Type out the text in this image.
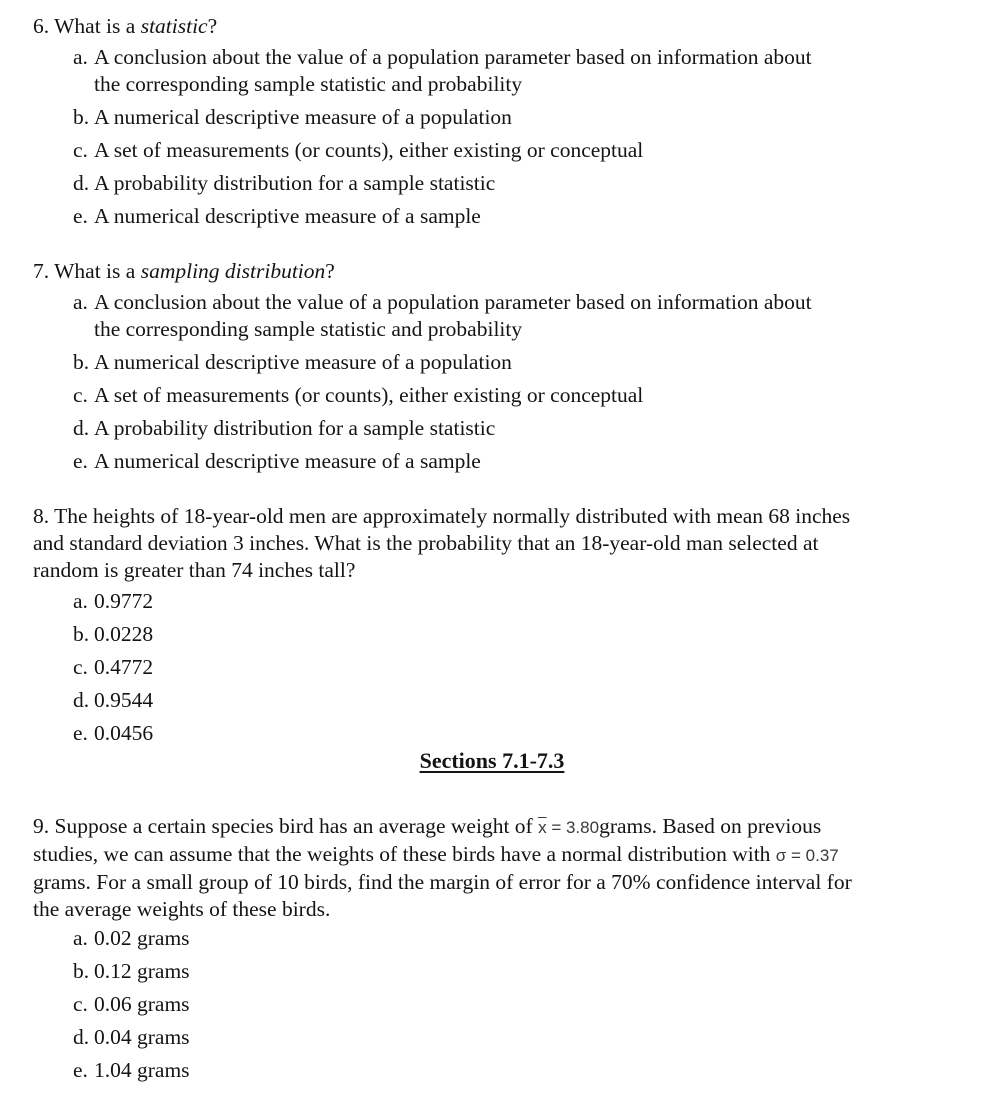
6. What is a statistic?

a. A conclusion about the value of a population parameter based on information about
the corresponding sample statistic and probability
b. A numerical descriptive measure of a population
c. A set of measurements (or counts), either existing or conceptual
d. A probability distribution for a sample statistic
e. A numerical descriptive measure of a sample

7. What is a sampling distribution?

a. A conclusion about the value of a population parameter based on information about
the corresponding sample statistic and probability
b. A numerical descriptive measure of a population
c. A set of measurements (or counts), either existing or conceptual
d. A probability distribution for a sample statistic
e. A numerical descriptive measure of a sample

8. The heights of 18-year-old men are approximately normally distributed with mean 68 inches
and standard deviation 3 inches. What is the probability that an 18-year-old man selected at
random is greater than 74 inches tall?

a. 0.9772
b. 0.0228
c. 0.4772
d. 0.9544
e. 0.0456
Sections 7.1-7.3

9. Suppose a certain species bird has an average weight of $\overline{x}$ = 3.80grams. Based on previous
studies, we can assume that the weights of these birds have a normal distribution with σ = 0.37
grams. For a small group of 10 birds, find the margin of error for a 70% confidence interval for
the average weights of these birds.

a. 0.02 grams
b. 0.12 grams
c. 0.06 grams
d. 0.04 grams
e. 1.04 grams
